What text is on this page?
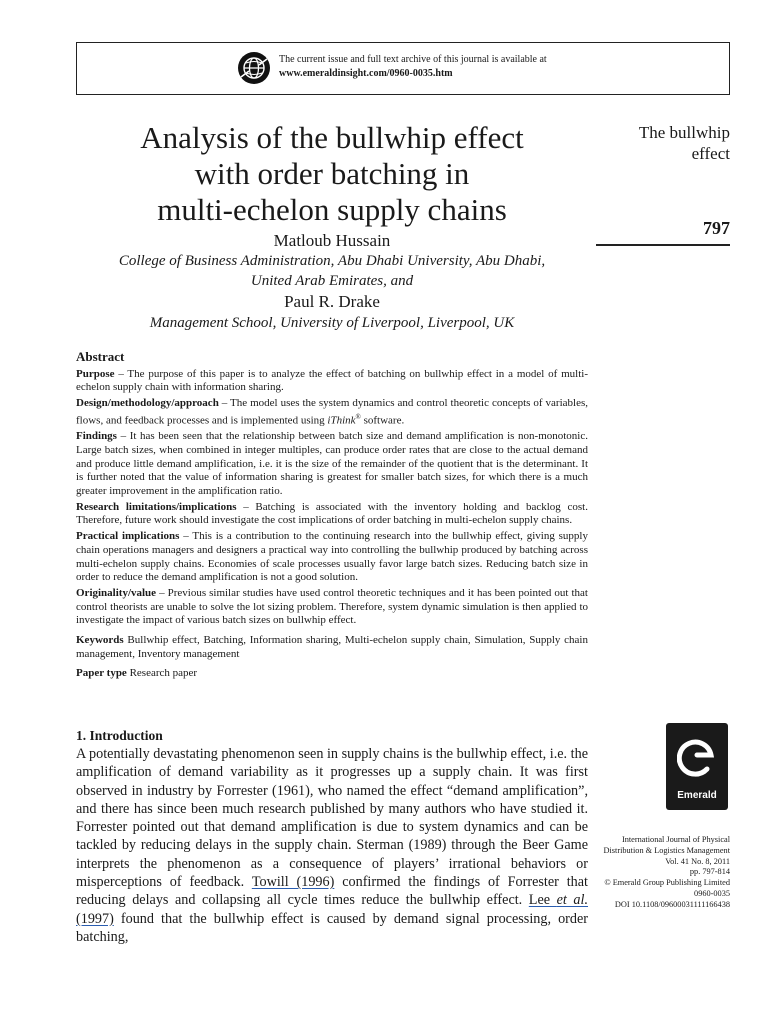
The current issue and full text archive of this journal is available at
www.emeraldinsight.com/0960-0035.htm
Analysis of the bullwhip effect
with order batching in
multi-echelon supply chains
Matloub Hussain
College of Business Administration, Abu Dhabi University, Abu Dhabi,
United Arab Emirates, and
Paul R. Drake
Management School, University of Liverpool, Liverpool, UK
The bullwhip
effect
797
Abstract

Purpose – The purpose of this paper is to analyze the effect of batching on bullwhip effect in a model of multi-echelon supply chain with information sharing.

Design/methodology/approach – The model uses the system dynamics and control theoretic concepts of variables, flows, and feedback processes and is implemented using iThink® software.

Findings – It has been seen that the relationship between batch size and demand amplification is non-monotonic. Large batch sizes, when combined in integer multiples, can produce order rates that are close to the actual demand and produce little demand amplification, i.e. it is the size of the remainder of the quotient that is the determinant. It is further noted that the value of information sharing is greatest for smaller batch sizes, for which there is a much greater improvement in the amplification ratio.

Research limitations/implications – Batching is associated with the inventory holding and backlog cost. Therefore, future work should investigate the cost implications of order batching in multi-echelon supply chains.

Practical implications – This is a contribution to the continuing research into the bullwhip effect, giving supply chain operations managers and designers a practical way into controlling the bullwhip produced by batching across multi-echelon supply chains. Economies of scale processes usually favor large batch sizes. Reducing batch size in order to reduce the demand amplification is not a good solution.

Originality/value – Previous similar studies have used control theoretic techniques and it has been pointed out that control theorists are unable to solve the lot sizing problem. Therefore, system dynamic simulation is then applied to investigate the impact of various batch sizes on bullwhip effect.

Keywords Bullwhip effect, Batching, Information sharing, Multi-echelon supply chain, Simulation, Supply chain management, Inventory management

Paper type Research paper

1. Introduction

A potentially devastating phenomenon seen in supply chains is the bullwhip effect, i.e. the amplification of demand variability as it progresses up a supply chain. It was first observed in industry by Forrester (1961), who named the effect “demand amplification”, and there has since been much research published by many authors who have studied it. Forrester pointed out that demand amplification is due to system dynamics and can be tackled by reducing delays in the supply chain. Sterman (1989) through the Beer Game interprets the phenomenon as a consequence of players’ irrational behaviors or misperceptions of feedback. Towill (1996) confirmed the findings of Forrester that reducing delays and collapsing all cycle times reduce the bullwhip effect. Lee et al. (1997) found that the bullwhip effect is caused by demand signal processing, order batching,

Emerald
International Journal of Physical
Distribution & Logistics Management
Vol. 41 No. 8, 2011
pp. 797-814
© Emerald Group Publishing Limited
0960-0035
DOI 10.1108/09600031111166438
